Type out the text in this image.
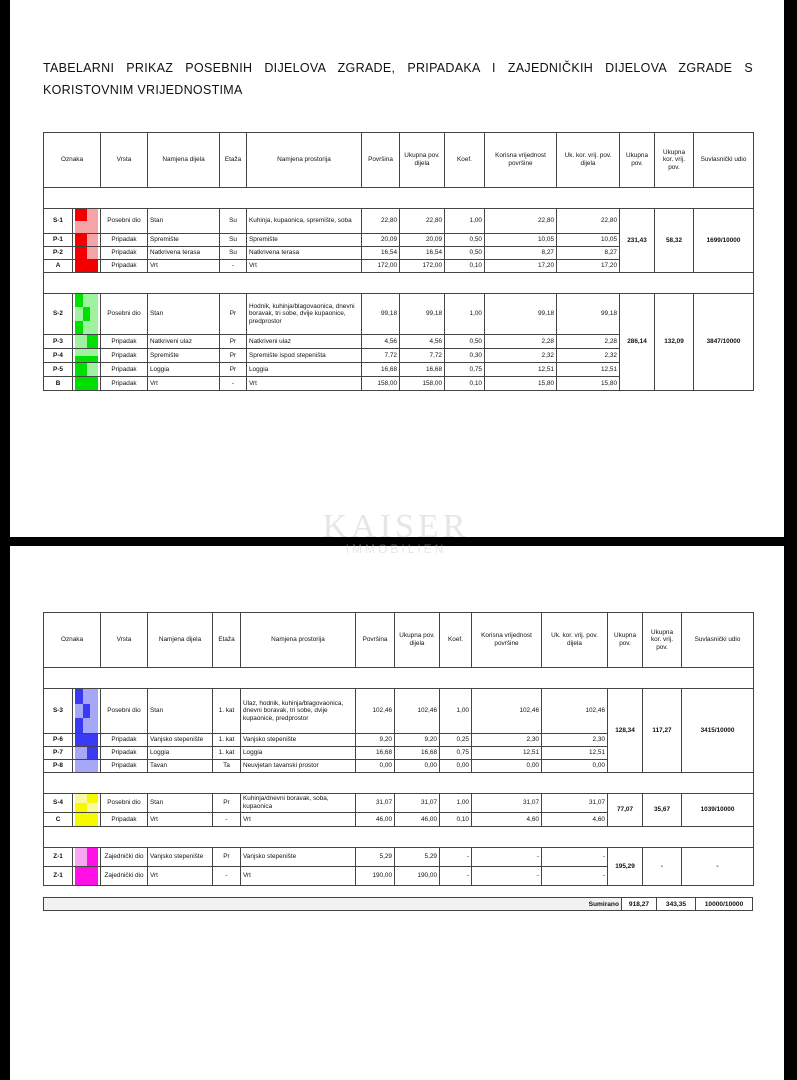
TABELARNI PRIKAZ POSEBNIH DIJELOVA ZGRADE, PRIPADAKA I ZAJEDNIČKIH DIJELOVA ZGRADE S KORISTOVNIM VRIJEDNOSTIMA
Oznaka		Vrsta	Namjena dijela	Etaža	Namjena prostorija	Površina	Ukupna pov. dijela	Koef.	Korisna vrijednost površine	Uk. kor. vrij. pov. dijela	Ukupna pov.	Ukupna kor. vrij. pov.	Suvlasnički udio

S-1		Posebni dio	Stan	Su	Kuhinja, kupaonica, spremište, soba	22,80	22,80	1,00	22,80	22,80	231,43	58,32	1699/10000
P-1		Pripadak	Spremište	Su	Spremište	20,09	20,09	0,50	10,05	10,05			
P-2		Pripadak	Natkrivena terasa	Su	Natkrivena terasa	16,54	16,54	0,50	8,27	8,27			
A		Pripadak	Vrt	-	Vrt	172,00	172,00	0,10	17,20	17,20			

S-2		Posebni dio	Stan	Pr	Hodnik, kuhinja/blagovaonica, dnevni boravak, tri sobe, dvije kupaonice, predprostor	99,18	99,18	1,00	99,18	99,18	286,14	132,09	3847/10000
P-3		Pripadak	Natkriveni ulaz	Pr	Natkriveni ulaz	4,56	4,56	0,50	2,28	2,28			
P-4		Pripadak	Spremište	Pr	Spremište ispod stepeništa	7,72	7,72	0,30	2,32	2,32			
P-5		Pripadak	Loggia	Pr	Loggia	16,68	16,68	0,75	12,51	12,51			
B		Pripadak	Vrt	-	Vrt	158,00	158,00	0,10	15,80	15,80			
Oznaka		Vrsta	Namjena dijela	Etaža	Namjena prostorija	Površina	Ukupna pov. dijela	Koef.	Korisna vrijednost površine	Uk. kor. vrij. pov. dijela	Ukupna pov.	Ukupna kor. vrij. pov.	Suvlasnički udio

S-3		Posebni dio	Stan	1. kat	Ulaz, hodnik, kuhinja/blagovaonica, dnevni boravak, tri sobe, dvije kupaonice, predprostor	102,46	102,46	1,00	102,46	102,46	128,34	117,27	3415/10000
P-6		Pripadak	Vanjsko stepenište	1. kat	Vanjsko stepenište	9,20	9,20	0,25	2,30	2,30			
P-7		Pripadak	Loggia	1. kat	Loggia	16,68	16,68	0,75	12,51	12,51			
P-8		Pripadak	Tavan	Ta	Neuvjetan tavanski prostor	0,00	0,00	0,00	0,00	0,00			

S-4		Posebni dio	Stan	Pr	Kuhinja/dnevni boravak, soba, kupaonica	31,07	31,07	1,00	31,07	31,07	77,07	35,67	1039/10000
C		Pripadak	Vrt	-	Vrt	46,00	46,00	0,10	4,60	4,60			

Z-1		Zajednički dio	Vanjsko stepenište	Pr	Vanjsko stepenište	5,29	5,29	-	-	-	195,29	-	-
Z-1		Zajednički dio	Vrt	-	Vrt	190,00	190,00	-	-	-			
Sumirano	918,27	343,35	10000/10000
KAISER
IMMOBILIEN
